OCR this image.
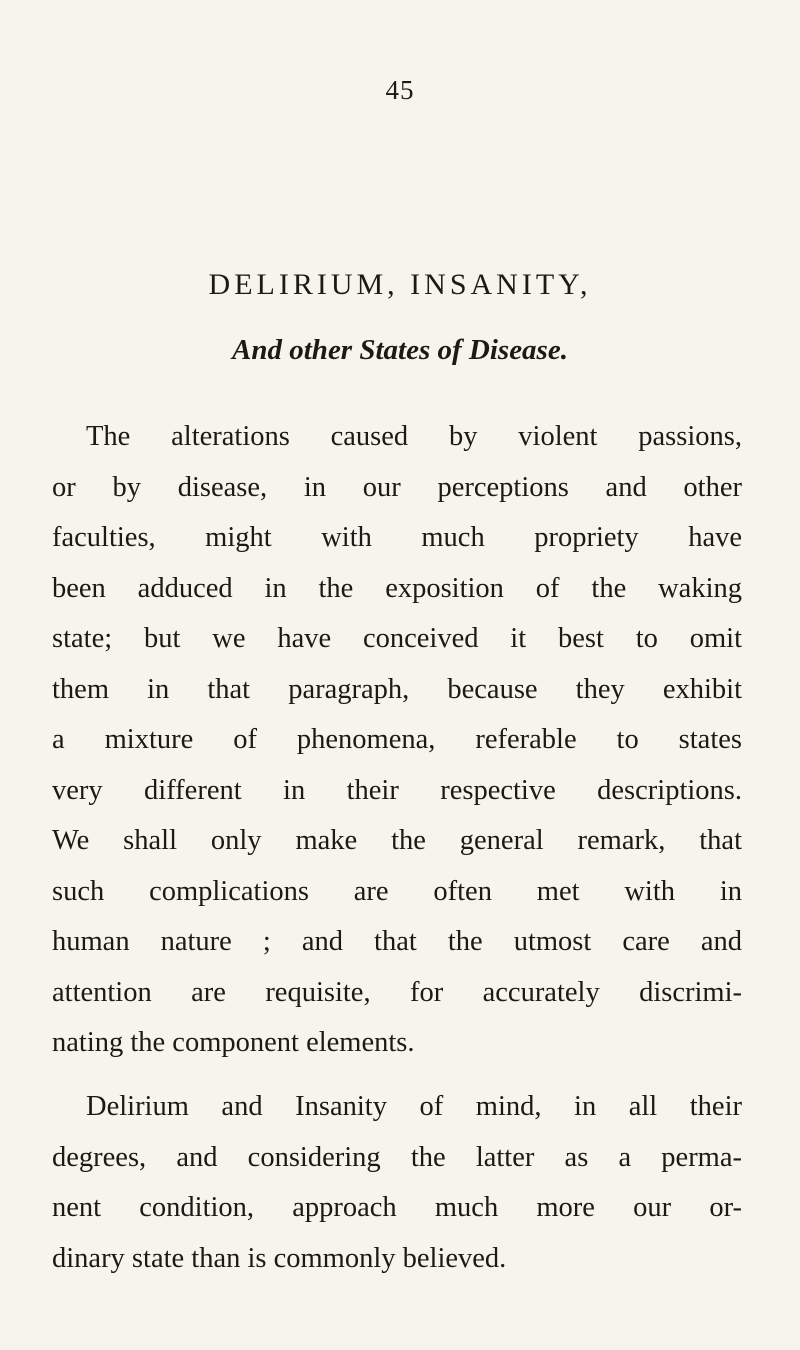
45
DELIRIUM, INSANITY,
And other States of Disease.
The alterations caused by violent passions,
or by disease, in our perceptions and other
faculties, might with much propriety have
been adduced in the exposition of the waking
state; but we have conceived it best to omit
them in that paragraph, because they exhibit
a mixture of phenomena, referable to states
very different in their respective descriptions.
We shall only make the general remark, that
such complications are often met with in
human nature ; and that the utmost care and
attention are requisite, for accurately discrimi-
nating the component elements.
Delirium and Insanity of mind, in all their
degrees, and considering the latter as a perma-
nent condition, approach much more our or-
dinary state than is commonly believed.
